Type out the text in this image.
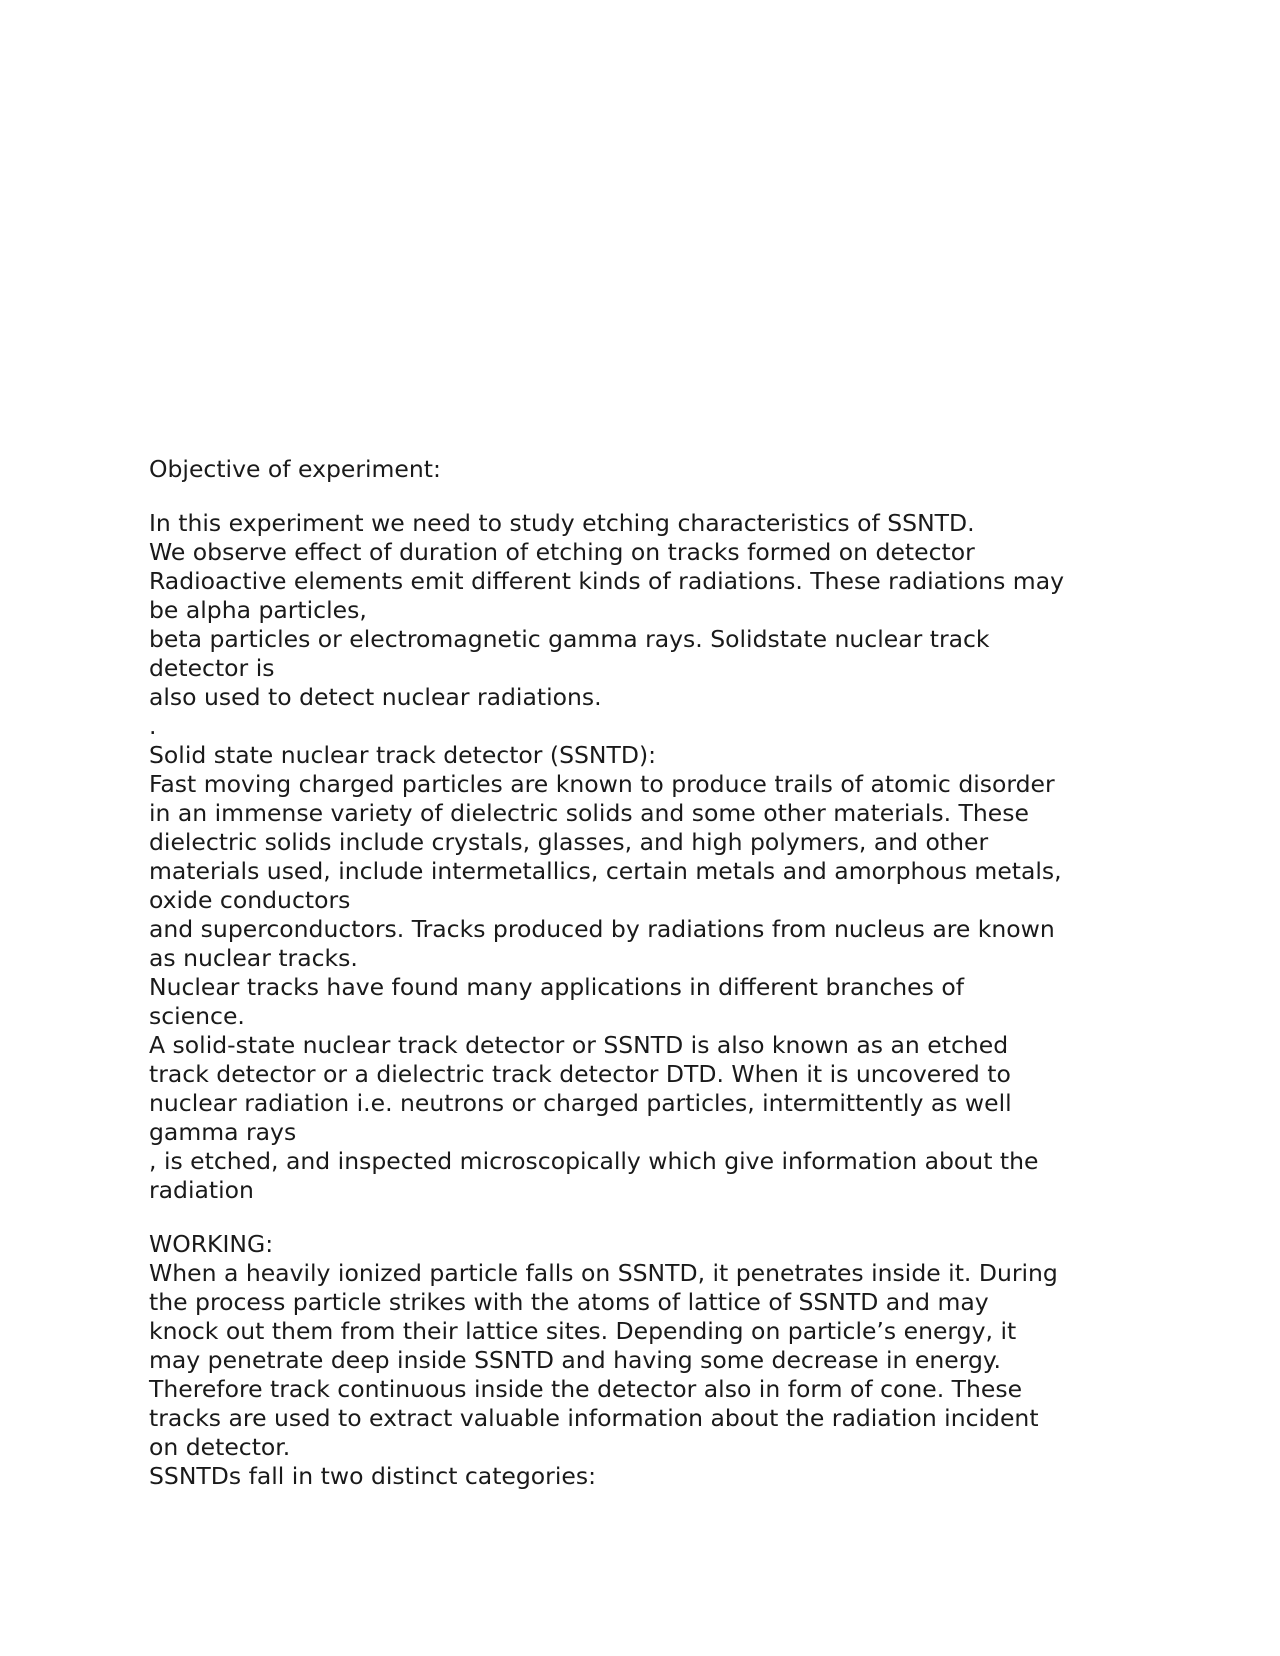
Objective of experiment:
In this experiment we need to study etching characteristics of SSNTD.
We observe effect of duration of etching on tracks formed on detector
Radioactive elements emit different kinds of radiations. These radiations may
be alpha particles,
beta particles or electromagnetic gamma rays. Solidstate nuclear track
detector is
also used to detect nuclear radiations.
.
Solid state nuclear track detector (SSNTD):
Fast moving charged particles are known to produce trails of atomic disorder
in an immense variety of dielectric solids and some other materials. These
dielectric solids include crystals, glasses, and high polymers, and other
materials used, include intermetallics, certain metals and amorphous metals,
oxide conductors
and superconductors. Tracks produced by radiations from nucleus are known
as nuclear tracks.
Nuclear tracks have found many applications in different branches of
science.
A solid-state nuclear track detector or SSNTD is also known as an etched
track detector or a dielectric track detector DTD. When it is uncovered to
nuclear radiation i.e. neutrons or charged particles, intermittently as well
gamma rays
, is etched, and inspected microscopically which give information about the
radiation
WORKING:
When a heavily ionized particle falls on SSNTD, it penetrates inside it. During
the process particle strikes with the atoms of lattice of SSNTD and may
knock out them from their lattice sites. Depending on particle’s energy, it
may penetrate deep inside SSNTD and having some decrease in energy.
Therefore track continuous inside the detector also in form of cone. These
tracks are used to extract valuable information about the radiation incident
on detector.
SSNTDs fall in two distinct categories:
